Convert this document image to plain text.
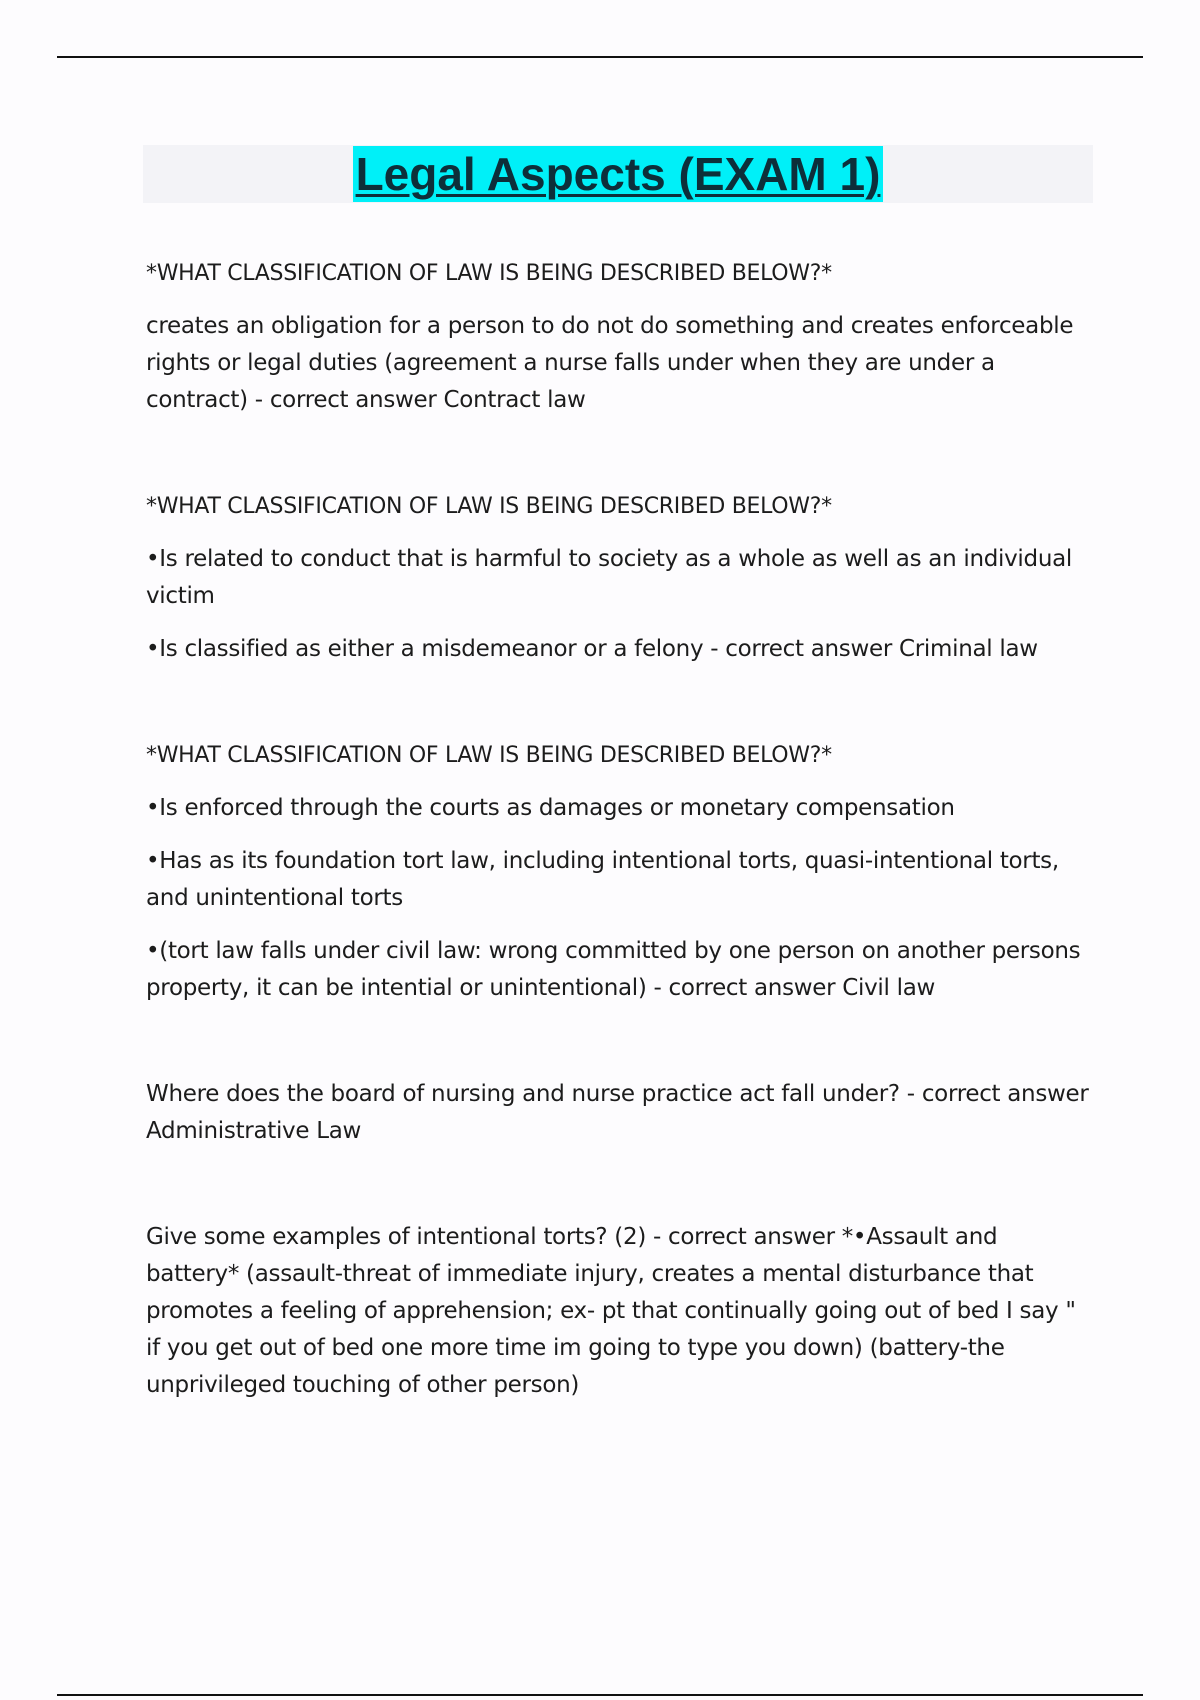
Legal Aspects (EXAM 1)

*WHAT CLASSIFICATION OF LAW IS BEING DESCRIBED BELOW?*

creates an obligation for a person to do not do something and creates enforceable rights or legal duties (agreement a nurse falls under when they are under a contract) - correct answer Contract law

*WHAT CLASSIFICATION OF LAW IS BEING DESCRIBED BELOW?*

•Is related to conduct that is harmful to society as a whole as well as an individual victim

•Is classified as either a misdemeanor or a felony - correct answer Criminal law

*WHAT CLASSIFICATION OF LAW IS BEING DESCRIBED BELOW?*

•Is enforced through the courts as damages or monetary compensation

•Has as its foundation tort law, including intentional torts, quasi-intentional torts, and unintentional torts

•(tort law falls under civil law: wrong committed by one person on another persons property, it can be intential or unintentional) - correct answer Civil law

Where does the board of nursing and nurse practice act fall under? - correct answer Administrative Law

Give some examples of intentional torts? (2) - correct answer *•Assault and battery* (assault-threat of immediate injury, creates a mental disturbance that promotes a feeling of apprehension; ex- pt that continually going out of bed I say " if you get out of bed one more time im going to type you down) (battery-the unprivileged touching of other person)
